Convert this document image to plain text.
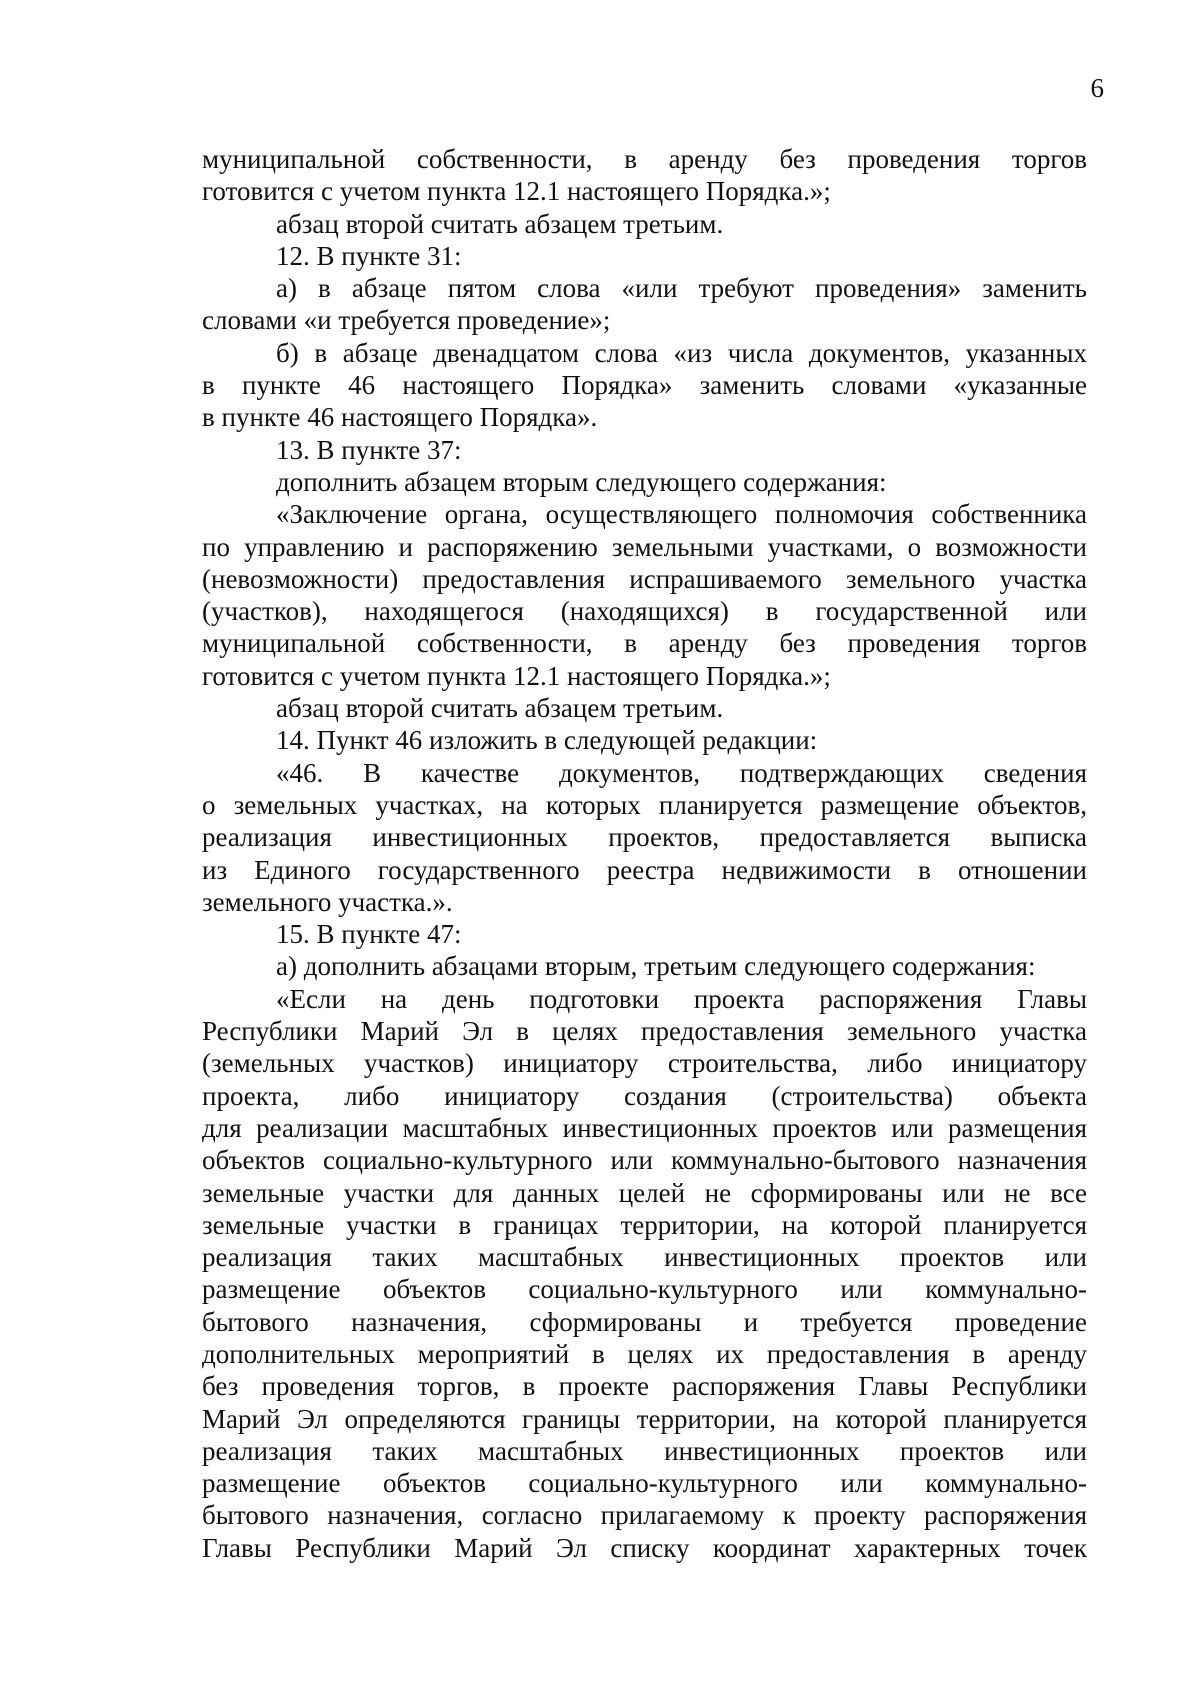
6
муниципальной собственности, в аренду без проведения торгов
готовится с учетом пункта 12.1 настоящего Порядка.»;
абзац второй считать абзацем третьим.
12. В пункте 31:
а) в абзаце пятом слова «или требуют проведения» заменить
словами «и требуется проведение»;
б) в абзаце двенадцатом слова «из числа документов, указанных
в пункте 46 настоящего Порядка» заменить словами «указанные
в пункте 46 настоящего Порядка».
13. В пункте 37:
дополнить абзацем вторым следующего содержания:
«Заключение органа, осуществляющего полномочия собственника
по управлению и распоряжению земельными участками, о возможности
(невозможности) предоставления испрашиваемого земельного участка
(участков), находящегося (находящихся) в государственной или
муниципальной собственности, в аренду без проведения торгов
готовится с учетом пункта 12.1 настоящего Порядка.»;
абзац второй считать абзацем третьим.
14. Пункт 46 изложить в следующей редакции:
«46. В качестве документов, подтверждающих сведения
о земельных участках, на которых планируется размещение объектов,
реализация инвестиционных проектов, предоставляется выписка
из Единого государственного реестра недвижимости в отношении
земельного участка.».
15. В пункте 47:
а) дополнить абзацами вторым, третьим следующего содержания:
«Если на день подготовки проекта распоряжения Главы
Республики Марий Эл в целях предоставления земельного участка
(земельных участков) инициатору строительства, либо инициатору
проекта, либо инициатору создания (строительства) объекта
для реализации масштабных инвестиционных проектов или размещения
объектов социально-культурного или коммунально-бытового назначения
земельные участки для данных целей не сформированы или не все
земельные участки в границах территории, на которой планируется
реализация таких масштабных инвестиционных проектов или
размещение объектов социально-культурного или коммунально-
бытового назначения, сформированы и требуется проведение
дополнительных мероприятий в целях их предоставления в аренду
без проведения торгов, в проекте распоряжения Главы Республики
Марий Эл определяются границы территории, на которой планируется
реализация таких масштабных инвестиционных проектов или
размещение объектов социально-культурного или коммунально-
бытового назначения, согласно прилагаемому к проекту распоряжения
Главы Республики Марий Эл списку координат характерных точек
